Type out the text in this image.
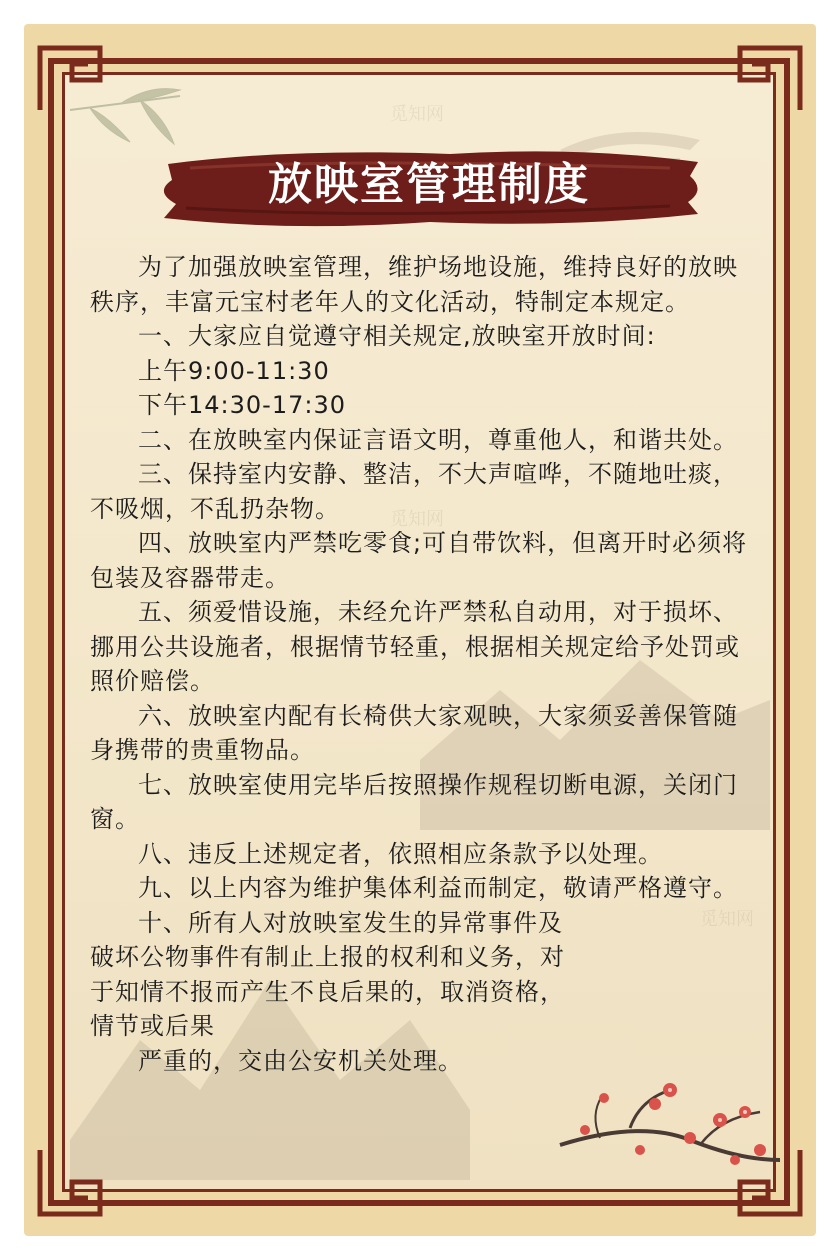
觅知网
觅知网
觅知网
放映室管理制度

为了加强放映室管理，维护场地设施，维持良好的放映秩序，丰富元宝村老年人的文化活动，特制定本规定。

一、大家应自觉遵守相关规定,放映室开放时间:

上午9:00-11:30

下午14:30-17:30

二、在放映室内保证言语文明，尊重他人，和谐共处。

三、保持室内安静、整洁，不大声喧哗，不随地吐痰，不吸烟，不乱扔杂物。

四、放映室内严禁吃零食;可自带饮料，但离开时必须将包装及容器带走。

五、须爱惜设施，未经允许严禁私自动用，对于损坏、挪用公共设施者，根据情节轻重，根据相关规定给予处罚或照价赔偿。

六、放映室内配有长椅供大家观映，大家须妥善保管随身携带的贵重物品。

七、放映室使用完毕后按照操作规程切断电源，关闭门窗。

八、违反上述规定者，依照相应条款予以处理。

九、以上内容为维护集体利益而制定，敬请严格遵守。

十、所有人对放映室发生的异常事件及破坏公物事件有制止上报的权利和义务，对于知情不报而产生不良后果的，取消资格，情节或后果

严重的，交由公安机关处理。
